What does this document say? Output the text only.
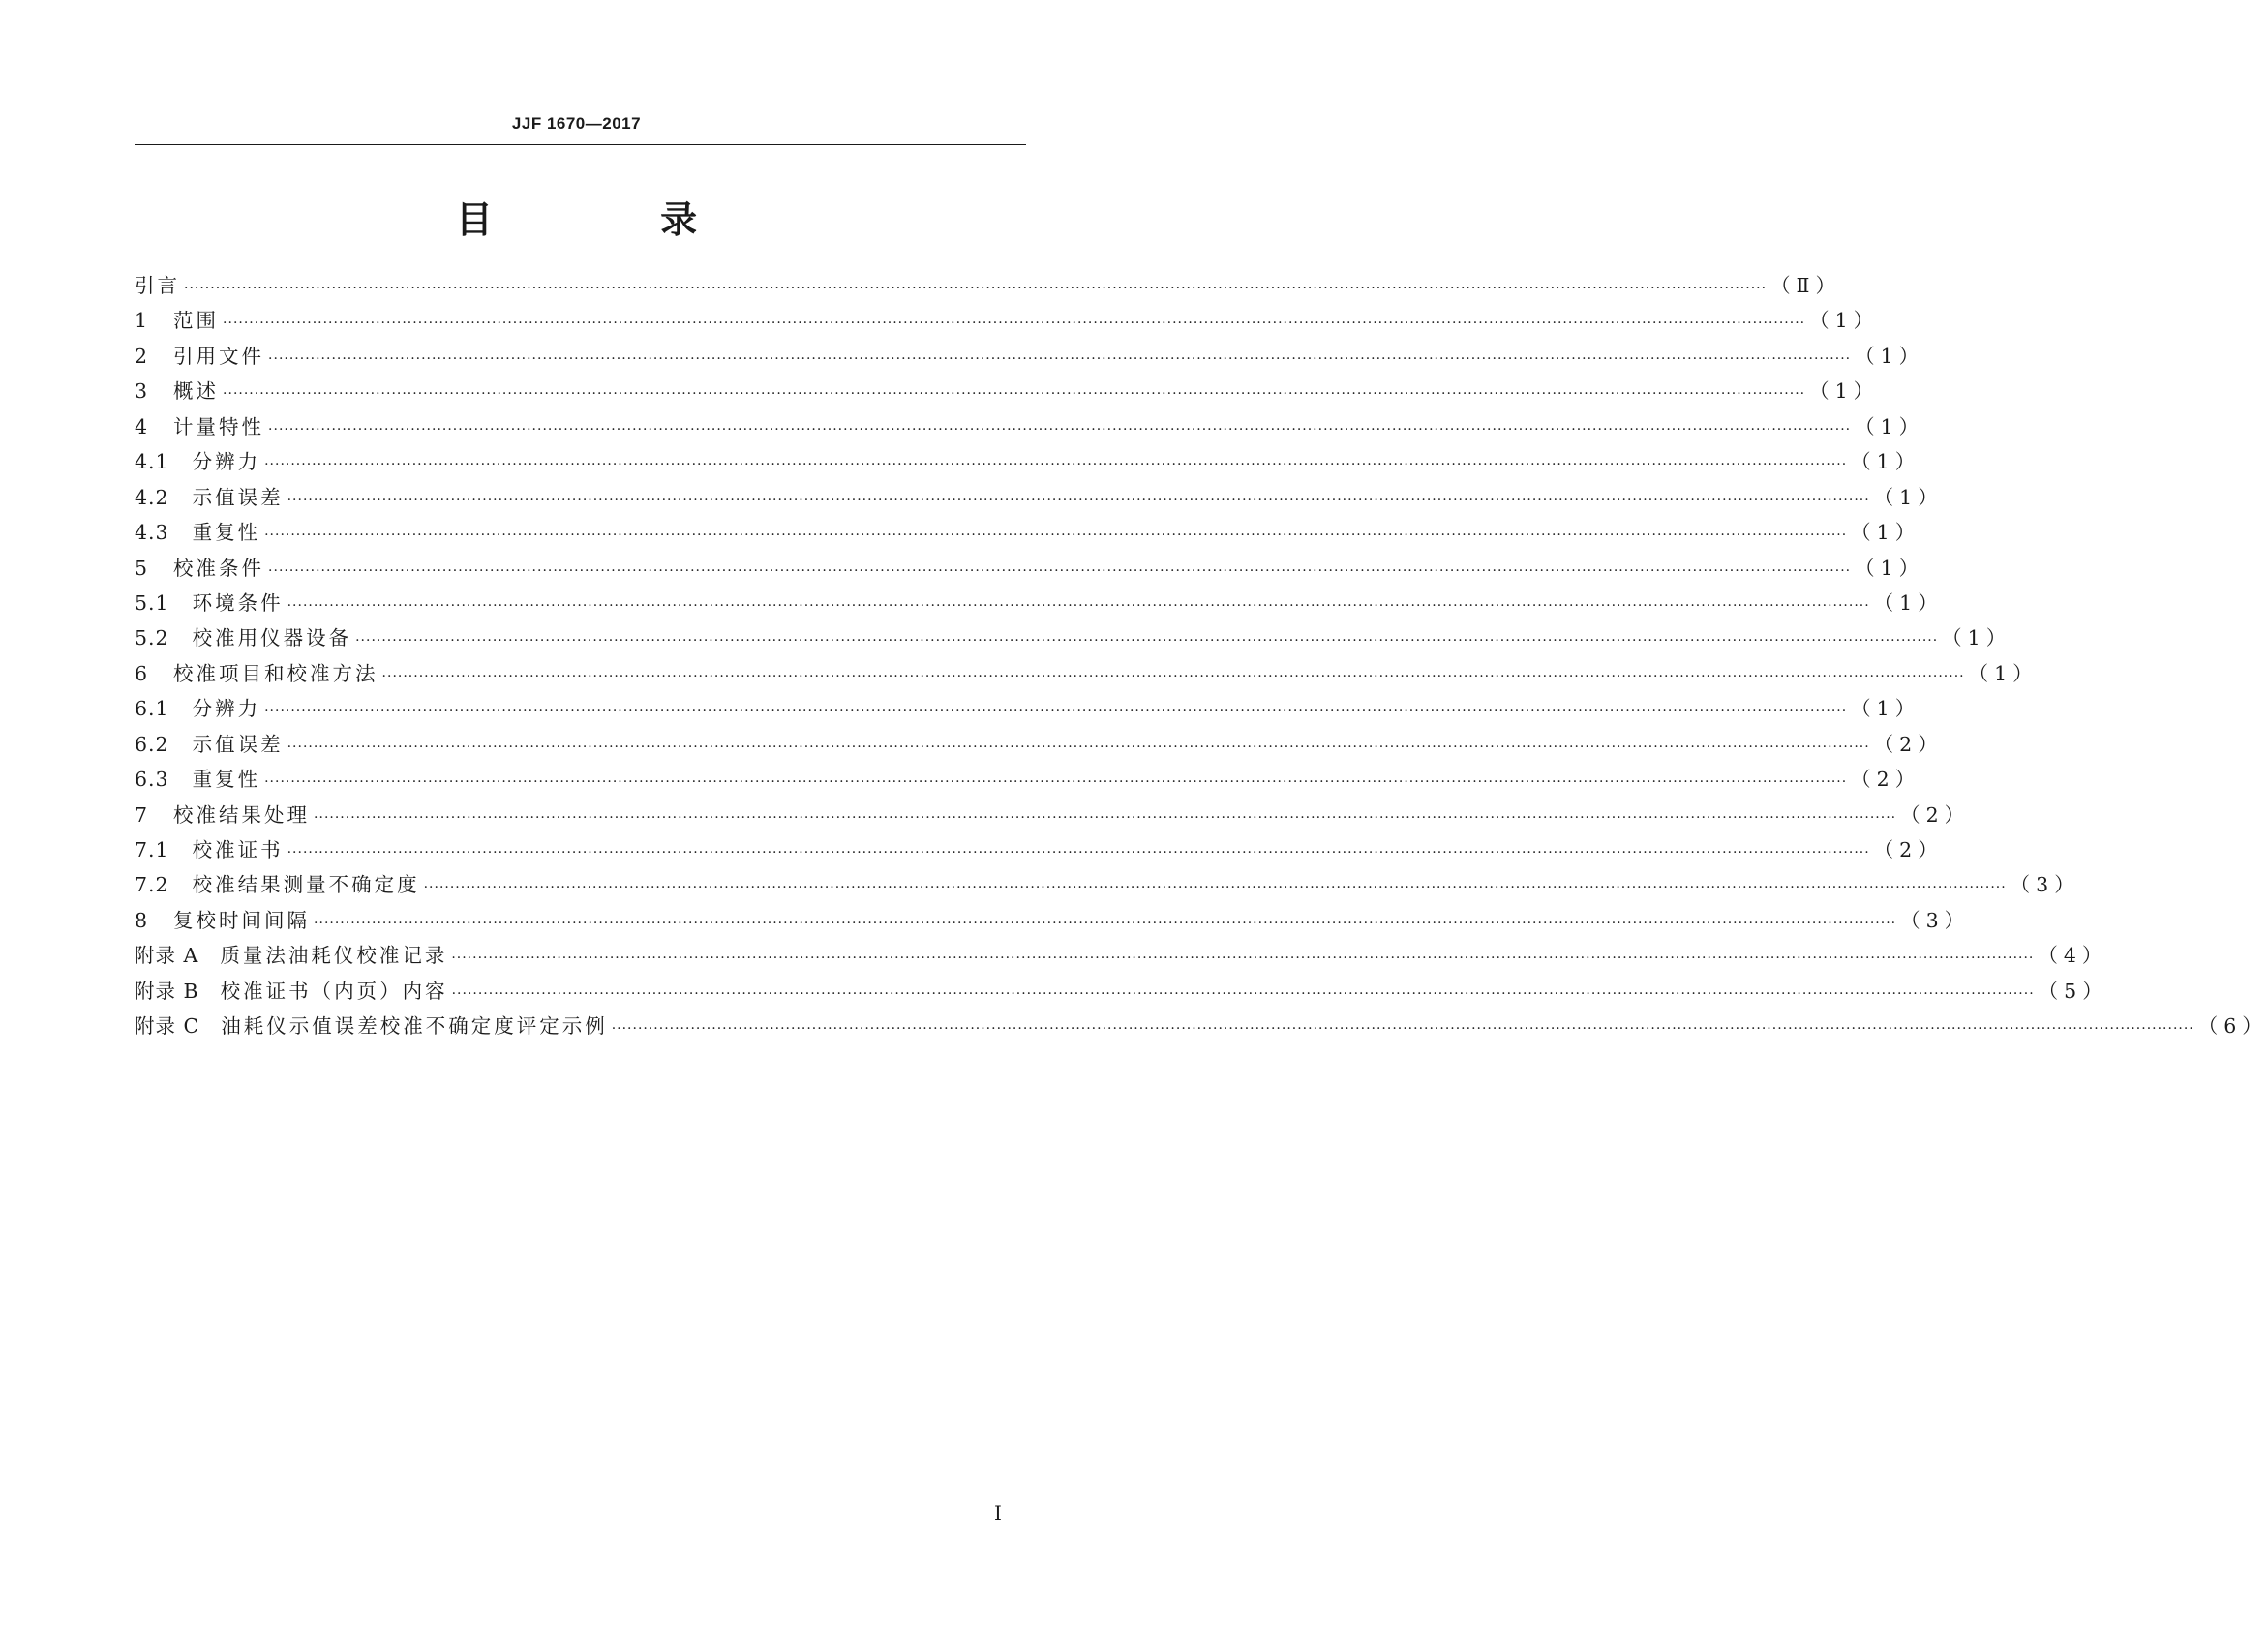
JJF 1670—2017
目 录
引言 ············································································································································································································································································································ （Ⅱ）
1 范围 ············································································································································································································································································································ （1）
2 引用文件 ············································································································································································································································································································ （1）
3 概述 ············································································································································································································································································································ （1）
4 计量特性 ············································································································································································································································································································ （1）
4.1 分辨力 ············································································································································································································································································································ （1）
4.2 示值误差 ············································································································································································································································································································ （1）
4.3 重复性 ············································································································································································································································································································ （1）
5 校准条件 ············································································································································································································································································································ （1）
5.1 环境条件 ············································································································································································································································································································ （1）
5.2 校准用仪器设备 ············································································································································································································································································································ （1）
6 校准项目和校准方法 ············································································································································································································································································································ （1）
6.1 分辨力 ············································································································································································································································································································ （1）
6.2 示值误差 ············································································································································································································································································································ （2）
6.3 重复性 ············································································································································································································································································································ （2）
7 校准结果处理 ············································································································································································································································································································ （2）
7.1 校准证书 ············································································································································································································································································································ （2）
7.2 校准结果测量不确定度 ············································································································································································································································································································ （3）
8 复校时间间隔 ············································································································································································································································································································ （3）
附录 A 质量法油耗仪校准记录 ············································································································································································································································································································ （4）
附录 B 校准证书（内页）内容 ············································································································································································································································································································ （5）
附录 C 油耗仪示值误差校准不确定度评定示例 ············································································································································································································································································································ （6）
Ⅰ
